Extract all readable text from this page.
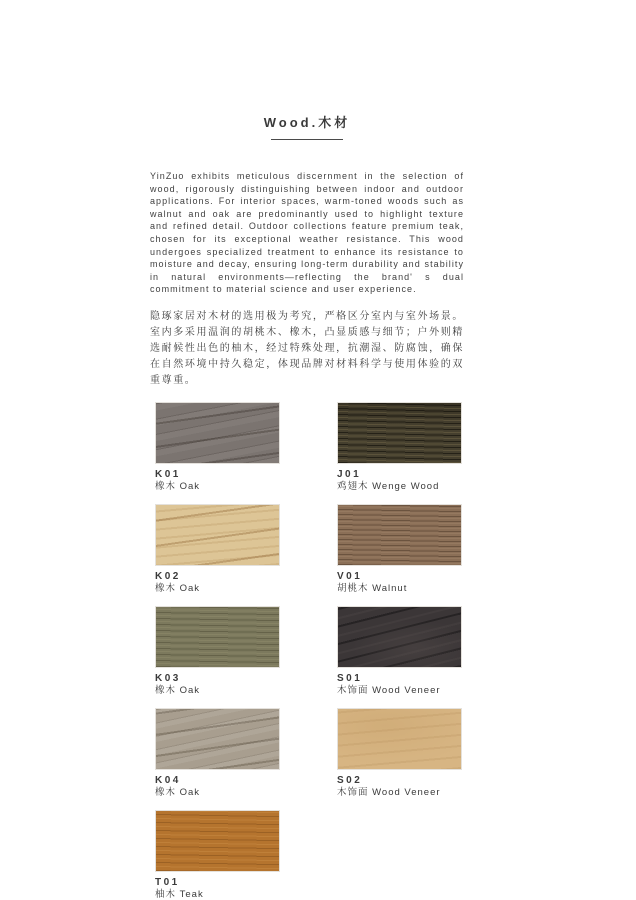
Wood.木材

YinZuo exhibits meticulous discernment in the selection of wood, rigorously distinguishing between indoor and outdoor applications. For interior spaces, warm-toned woods such as walnut and oak are predominantly used to highlight texture and refined detail. Outdoor collections feature premium teak, chosen for its exceptional weather resistance. This wood undergoes specialized treatment to enhance its resistance to moisture and decay, ensuring long-term durability and stability in natural environments—reflecting the brand' s dual commitment to material science and user experience.

隐琢家居对木材的选用极为考究，严格区分室内与室外场景。室内多采用温润的胡桃木、橡木，凸显质感与细节；户外则精选耐候性出色的柚木，经过特殊处理，抗潮湿、防腐蚀，确保在自然环境中持久稳定，体现品牌对材料科学与使用体验的双重尊重。

K01
橡木 Oak
J01
鸡翅木 Wenge Wood
K02
橡木 Oak
V01
胡桃木 Walnut
K03
橡木 Oak
S01
木饰面 Wood Veneer
K04
橡木 Oak
S02
木饰面 Wood Veneer
T01
柚木 Teak
